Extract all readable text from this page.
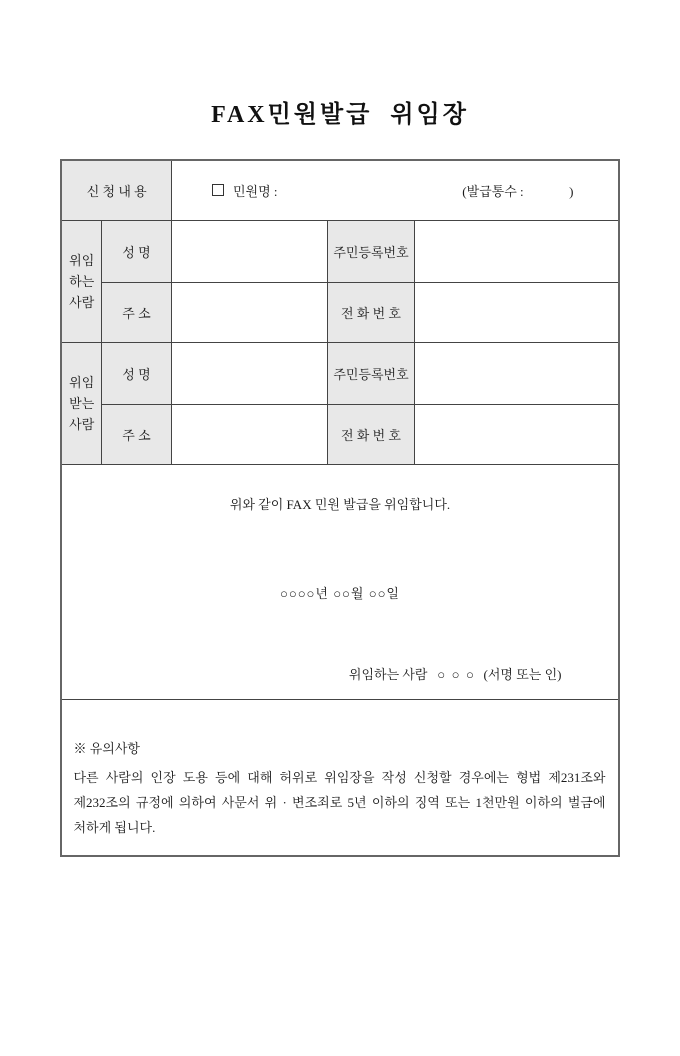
FAX민원발급  위임장
신 청 내 용		민원명 : (발급통수 :              )		

위임
하는
사람	성 명		주민등록번호	
	주 소		전 화 번 호	

위임
받는
사람	성 명		주민등록번호	
	주 소		전 화 번 호	

위와 같이 FAX 민원 발급을 위임합니다.
○○○○년 ○○월 ○○일
위임하는 사람   ○  ○  ○   (서명 또는 인)				

※ 유의사항
다른 사람의 인장 도용 등에 대해 허위로 위임장을 작성 신청할 경우에는 형법 제231조와 제232조의 규정에 의하여 사문서 위 · 변조죄로 5년 이하의 징역 또는 1천만원 이하의 벌금에 처하게 됩니다.				
